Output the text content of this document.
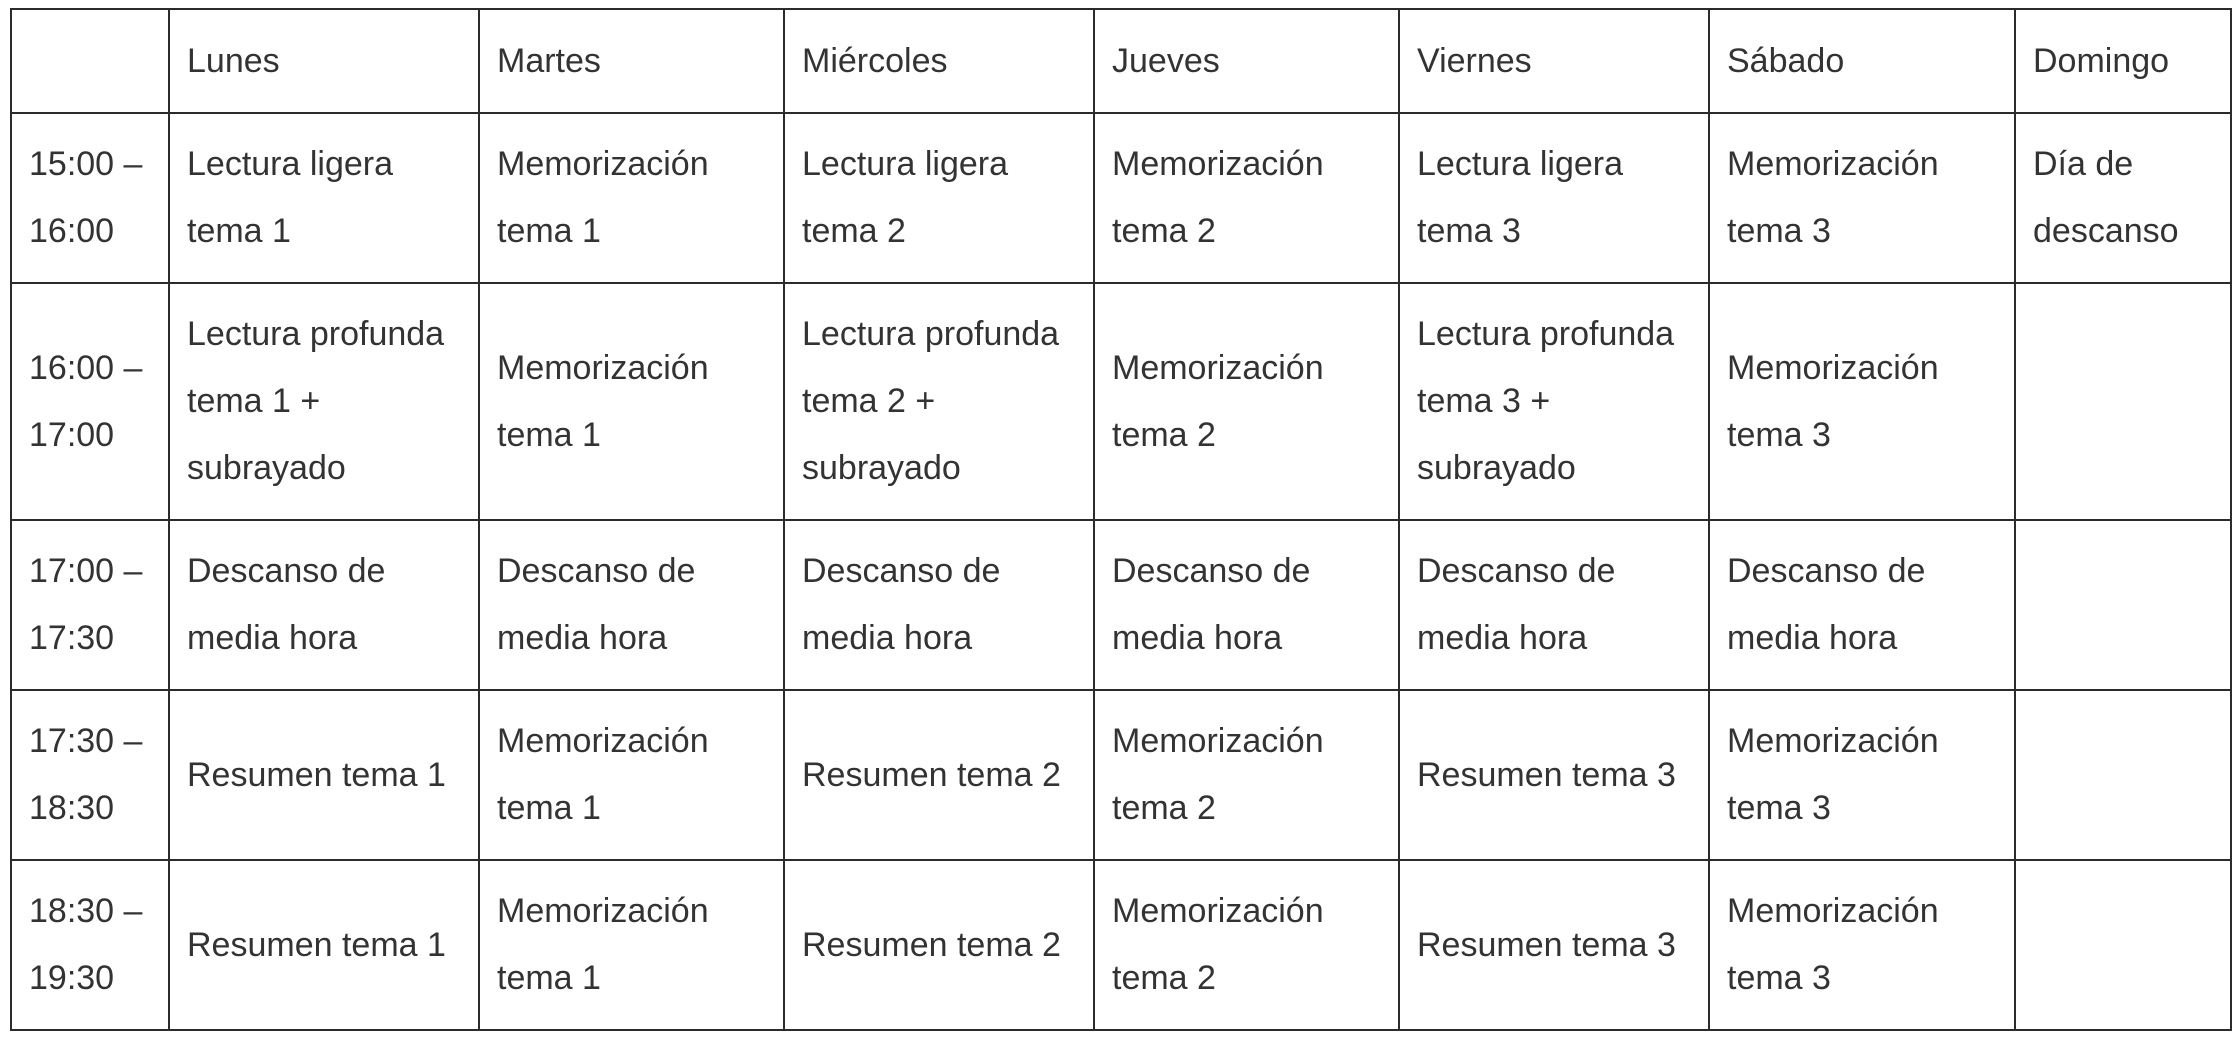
	Lunes	Martes	Miércoles	Jueves	Viernes	Sábado	Domingo
15:00 – 16:00	Lectura ligera tema 1	Memorización tema 1	Lectura ligera tema 2	Memorización tema 2	Lectura ligera tema 3	Memorización tema 3	Día de descanso
16:00 – 17:00	Lectura profunda tema 1 + subrayado	Memorización tema 1	Lectura profunda tema 2 + subrayado	Memorización tema 2	Lectura profunda tema 3 + subrayado	Memorización tema 3	
17:00 – 17:30	Descanso de media hora	Descanso de media hora	Descanso de media hora	Descanso de media hora	Descanso de media hora	Descanso de media hora	
17:30 – 18:30	Resumen tema 1	Memorización tema 1	Resumen tema 2	Memorización tema 2	Resumen tema 3	Memorización tema 3	
18:30 – 19:30	Resumen tema 1	Memorización tema 1	Resumen tema 2	Memorización tema 2	Resumen tema 3	Memorización tema 3	
